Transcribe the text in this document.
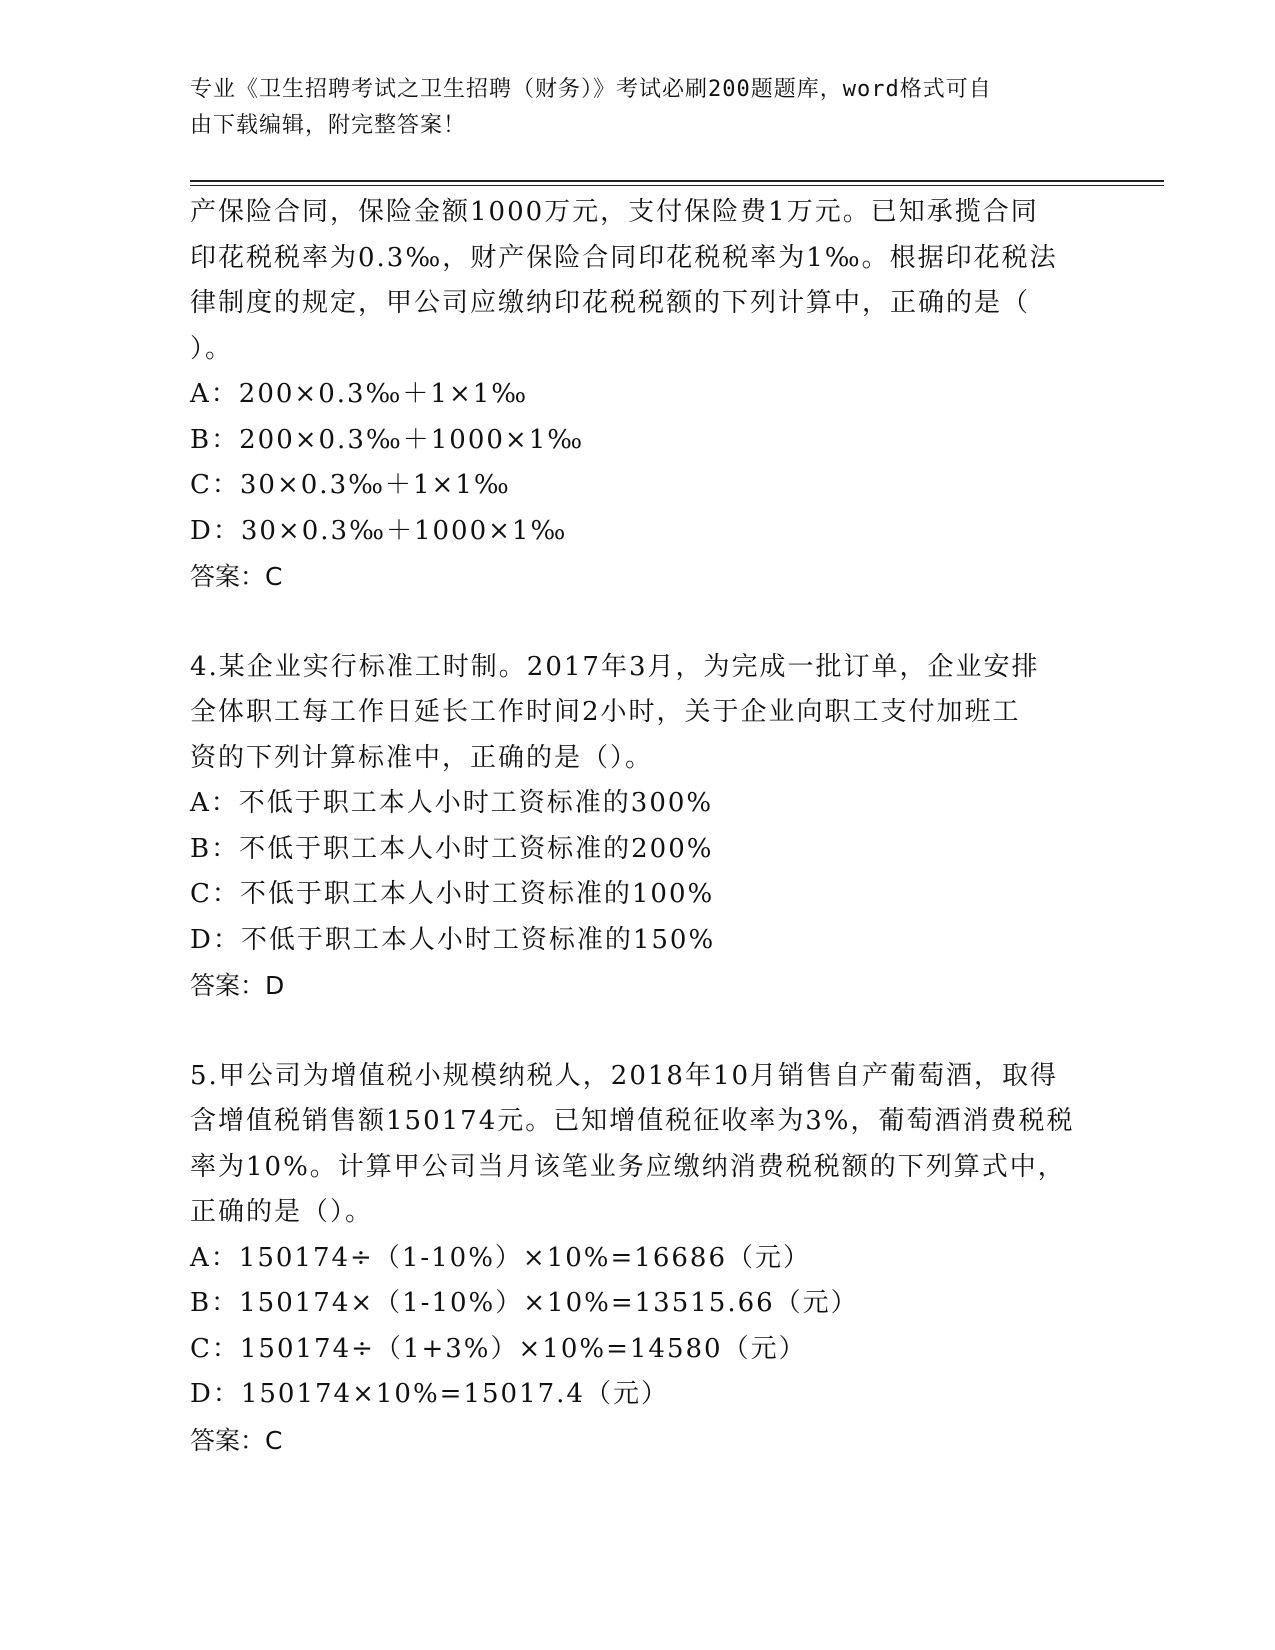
专业《卫生招聘考试之卫生招聘（财务）》考试必刷200题题库，word格式可自
由下载编辑，附完整答案！
产保险合同，保险金额1000万元，支付保险费1万元。已知承揽合同
印花税税率为0.3‰，财产保险合同印花税税率为1‰。根据印花税法
律制度的规定，甲公司应缴纳印花税税额的下列计算中，正确的是（
）。
A：200×0.3‰＋1×1‰
B：200×0.3‰＋1000×1‰
C：30×0.3‰＋1×1‰
D：30×0.3‰＋1000×1‰
答案：C
4.某企业实行标准工时制。2017年3月，为完成一批订单，企业安排
全体职工每工作日延长工作时间2小时，关于企业向职工支付加班工
资的下列计算标准中，正确的是（）。
A：不低于职工本人小时工资标准的300%
B：不低于职工本人小时工资标准的200%
C：不低于职工本人小时工资标准的100%
D：不低于职工本人小时工资标准的150%
答案：D
5.甲公司为增值税小规模纳税人，2018年10月销售自产葡萄酒，取得
含增值税销售额150174元。已知增值税征收率为3%，葡萄酒消费税税
率为10%。计算甲公司当月该笔业务应缴纳消费税税额的下列算式中，
正确的是（）。
A：150174÷（1-10%）×10%=16686（元）
B：150174×（1-10%）×10%=13515.66（元）
C：150174÷（1+3%）×10%=14580（元）
D：150174×10%=15017.4（元）
答案：C
